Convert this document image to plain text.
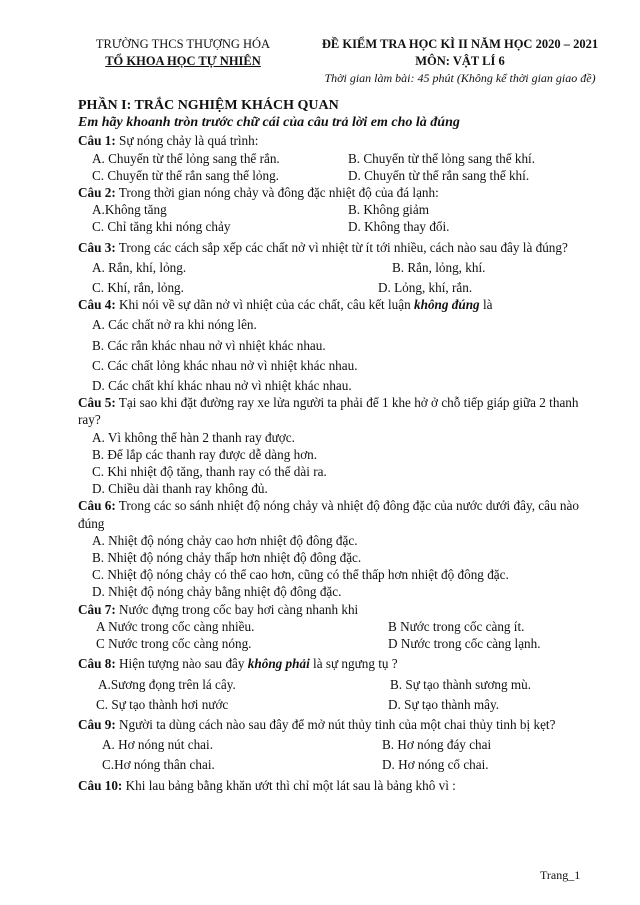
TRƯỜNG THCS THƯỢNG HÓA
TỔ KHOA HỌC TỰ NHIÊN
ĐỀ KIỂM TRA HỌC KÌ II NĂM HỌC 2020 – 2021
MÔN: VẬT LÍ 6
Thời gian làm bài: 45 phút (Không kể thời gian giao đề)

PHẦN I: TRẮC NGHIỆM KHÁCH QUAN

Em hãy khoanh tròn trước chữ cái của câu trả lời em cho là đúng

Câu 1: Sự nóng chảy là quá trình:

A. Chuyển từ thể lỏng sang thể rắn.	B. Chuyển từ thể lỏng sang thể khí.
C. Chuyển từ thể rắn sang thể lỏng.	D. Chuyển từ thể rắn sang thể khí.

Câu 2: Trong thời gian nóng chảy và đông đặc nhiệt độ của đá lạnh:

A.Không tăng	B. Không giảm
C. Chỉ tăng khi nóng chảy	D. Không thay đổi.

Câu 3: Trong các cách sắp xếp các chất nở vì nhiệt từ ít tới nhiều, cách nào sau đây là đúng?

A. Rắn, khí, lỏng.	B. Rắn, lỏng, khí.
C. Khí, rắn, lỏng.	D. Lỏng, khí, rắn.

Câu 4: Khi nói về sự dãn nở vì nhiệt của các chất, câu kết luận không đúng là

A. Các chất nở ra khi nóng lên.

B. Các rắn khác nhau nở vì nhiệt khác nhau.

C. Các chất lỏng khác nhau nở vì nhiệt khác nhau.

D. Các chất khí khác nhau nở vì nhiệt khác nhau.

Câu 5: Tại sao khi đặt đường ray xe lửa người ta phải để 1 khe hở ở chỗ tiếp giáp giữa 2 thanh ray?

A. Vì không thể hàn 2 thanh ray được.

B. Để lắp các thanh ray được dễ dàng hơn.

C. Khi nhiệt độ tăng, thanh ray có thể dài ra.

D. Chiều dài thanh ray không đủ.

Câu 6: Trong các so sánh nhiệt độ nóng chảy và nhiệt độ đông đặc của nước dưới đây, câu nào đúng

A. Nhiệt độ nóng chảy cao hơn nhiệt độ đông đặc.

B. Nhiệt độ nóng chảy thấp hơn nhiệt độ đông đặc.

C. Nhiệt độ nóng chảy có thể cao hơn, cũng có thể thấp hơn nhiệt độ đông đặc.

D. Nhiệt độ nóng chảy bằng nhiệt độ đông đặc.

Câu 7: Nước đựng trong cốc bay hơi càng nhanh khi

A Nước trong cốc càng nhiều.	B Nước trong cốc càng ít.
C Nước trong cốc càng nóng.	D Nước trong cốc càng lạnh.

Câu 8: Hiện tượng nào sau đây không phải là sự ngưng tụ ?

A.Sương đọng trên lá cây.	B. Sự tạo thành sương mù.
C. Sự tạo thành hơi nước	D. Sự tạo thành mây.

Câu 9: Người ta dùng cách nào sau đây để mở nút thủy tinh của một chai thủy tinh bị kẹt?

A. Hơ nóng nút chai.	B. Hơ nóng đáy chai
C.Hơ nóng thân chai.	D. Hơ nóng cổ chai.

Câu 10: Khi lau bảng bằng khăn ướt thì chỉ một lát sau là bảng khô vì :

Trang_1
